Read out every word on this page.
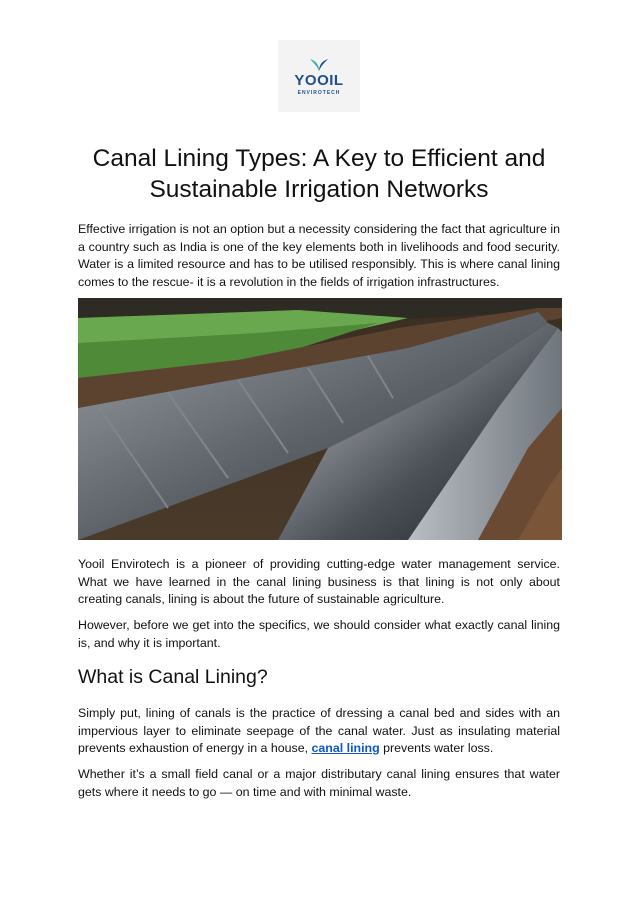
YOOIL
ENVIROTECH
Canal Lining Types: A Key to Efficient and Sustainable Irrigation Networks

Effective irrigation is not an option but a necessity considering the fact that agriculture in a country such as India is one of the key elements both in livelihoods and food security. Water is a limited resource and has to be utilised responsibly. This is where canal lining comes to the rescue- it is a revolution in the fields of irrigation infrastructures.

Yooil Envirotech is a pioneer of providing cutting-edge water management service. What we have learned in the canal lining business is that lining is not only about creating canals, lining is about the future of sustainable agriculture.

However, before we get into the specifics, we should consider what exactly canal lining is, and why it is important.

What is Canal Lining?

Simply put, lining of canals is the practice of dressing a canal bed and sides with an impervious layer to eliminate seepage of the canal water. Just as insulating material prevents exhaustion of energy in a house, canal lining prevents water loss.

Whether it’s a small field canal or a major distributary canal lining ensures that water gets where it needs to go — on time and with minimal waste.
